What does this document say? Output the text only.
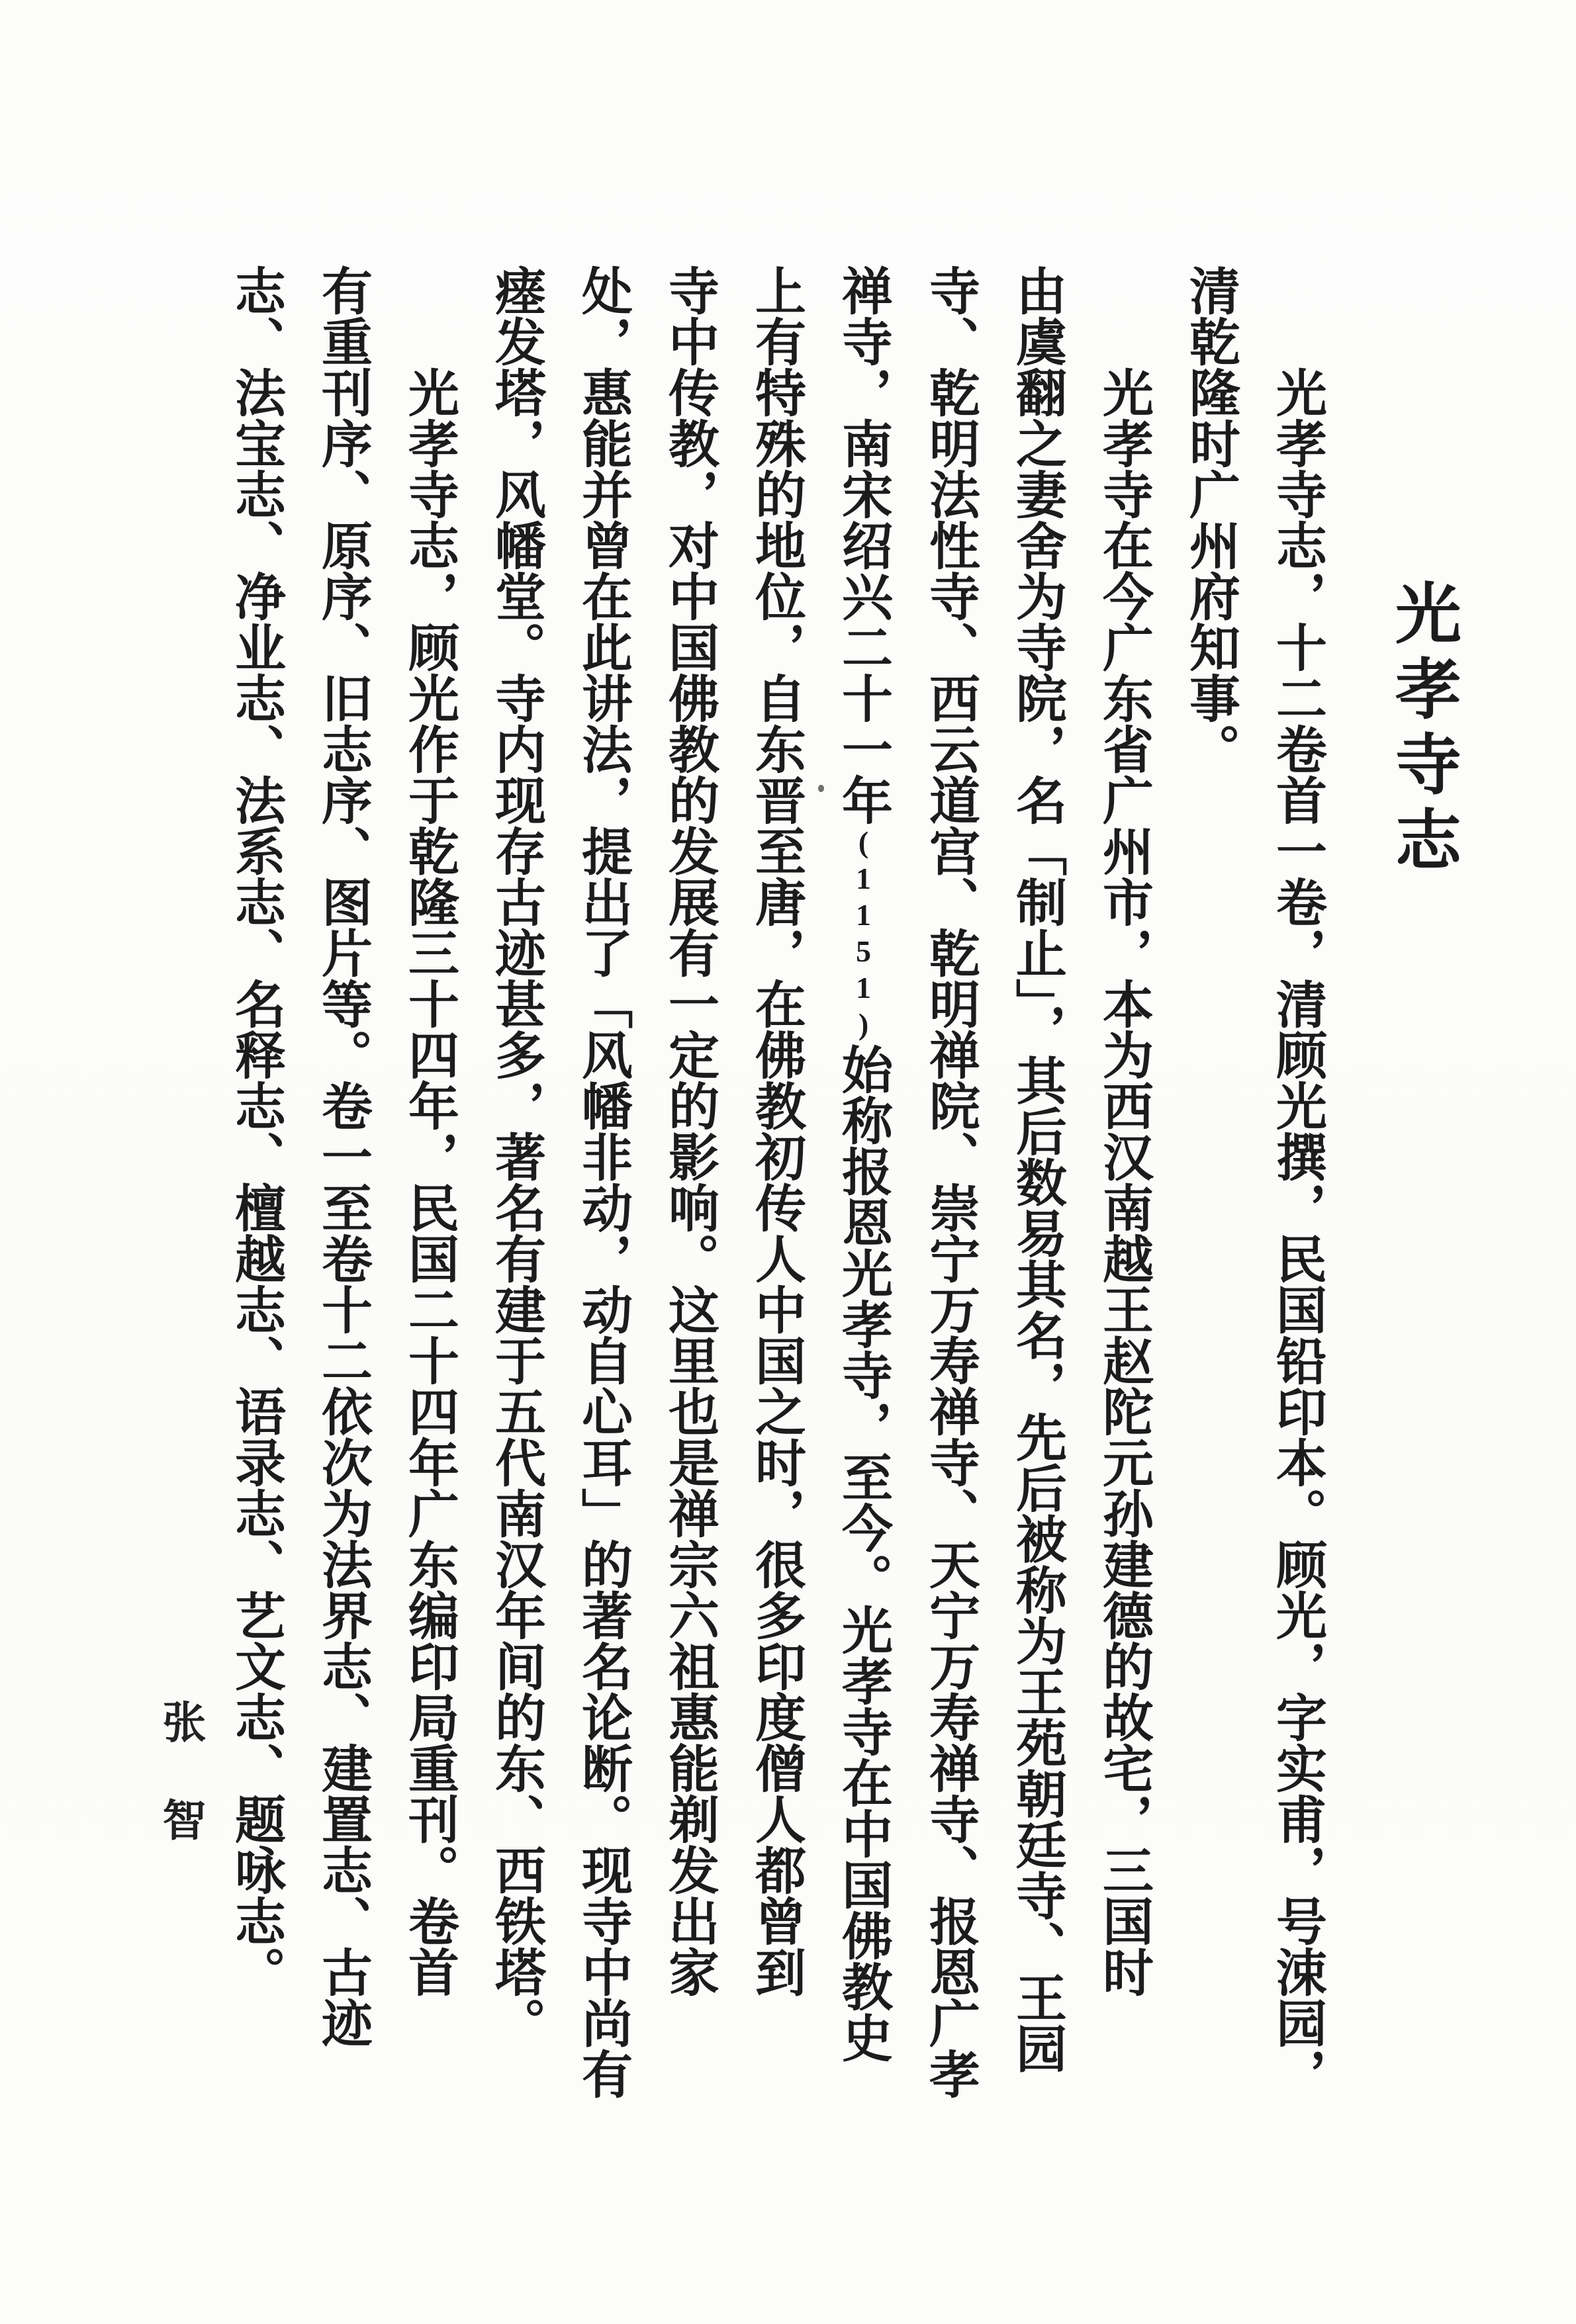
光孝寺志
光孝寺志，十二卷首一卷，清顾光撰，民国铅印本。顾光，字实甫，号涑园，
清乾隆时广州府知事。
光孝寺在今广东省广州市，本为西汉南越王赵陀元孙建德的故宅，三国时
由虞翻之妻舍为寺院，名「制止」，其后数易其名，先后被称为王苑朝廷寺、王园
寺、乾明法性寺、西云道宫、乾明禅院、崇宁万寿禅寺、天宁万寿禅寺、报恩广孝
禅寺，南宋绍兴二十一年(1151)始称报恩光孝寺，至今。光孝寺在中国佛教史
上有特殊的地位，自东晋至唐，在佛教初传人中国之时，很多印度僧人都曾到
寺中传教，对中国佛教的发展有一定的影响。这里也是禅宗六祖惠能剃发出家
处，惠能并曾在此讲法，提出了「风幡非动，动自心耳」的著名论断。现寺中尚有
瘗发塔，风幡堂。寺内现存古迹甚多，著名有建于五代南汉年间的东、西铁塔。
光孝寺志，顾光作于乾隆三十四年，民国二十四年广东编印局重刊。卷首
有重刊序、原序、旧志序、图片等。卷一至卷十二依次为法界志、建置志、古迹
志、法宝志、净业志、法系志、名释志、檀越志、语录志、艺文志、题咏志。
张智
